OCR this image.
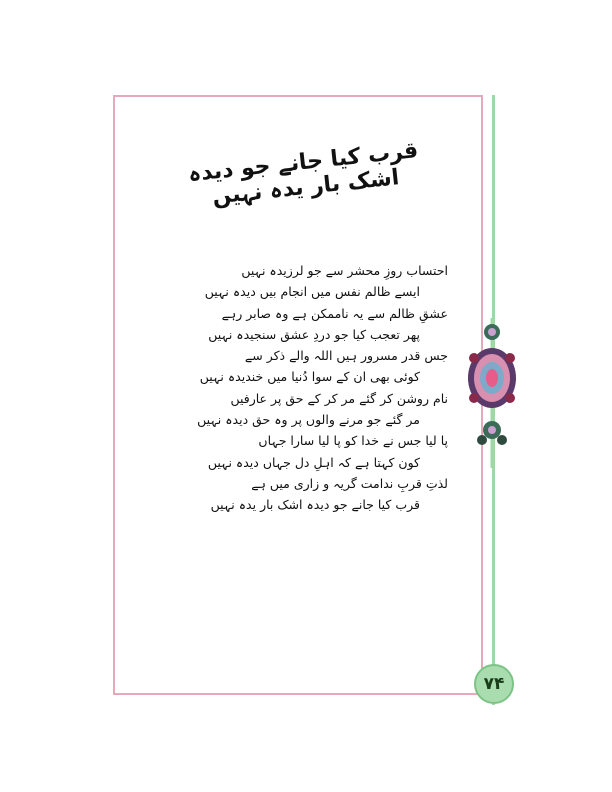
قرب کیا جانے جو دیدہ اشک بار یدہ نہیں
احتساب روزِ محشر سے جو لرزیدہ نہیں
ایسے ظالم نفس میں انجام بیں دیدہ نہیں
عشقِ ظالم سے یہ ناممکن ہے وہ صابر رہے
پھر تعجب کیا جو دردِ عشق سنجیدہ نہیں
جس قدر مسرور ہیں اللہ والے ذکر سے
کوئی بھی ان کے سوا دُنیا میں خندیدہ نہیں
نام روشن کر گئے مر کر کے حق پر عارفیں
مر گئے جو مرنے والوں پر وہ حق دیدہ نہیں
پا لیا جس نے خدا کو پا لیا سارا جہاں
کون کہتا ہے کہ اہلِ دل جہاں دیدہ نہیں
لذتِ قربِ ندامت گریہ و زاری میں ہے
قرب کیا جانے جو دیدہ اشک بار یدہ نہیں
۷۴
